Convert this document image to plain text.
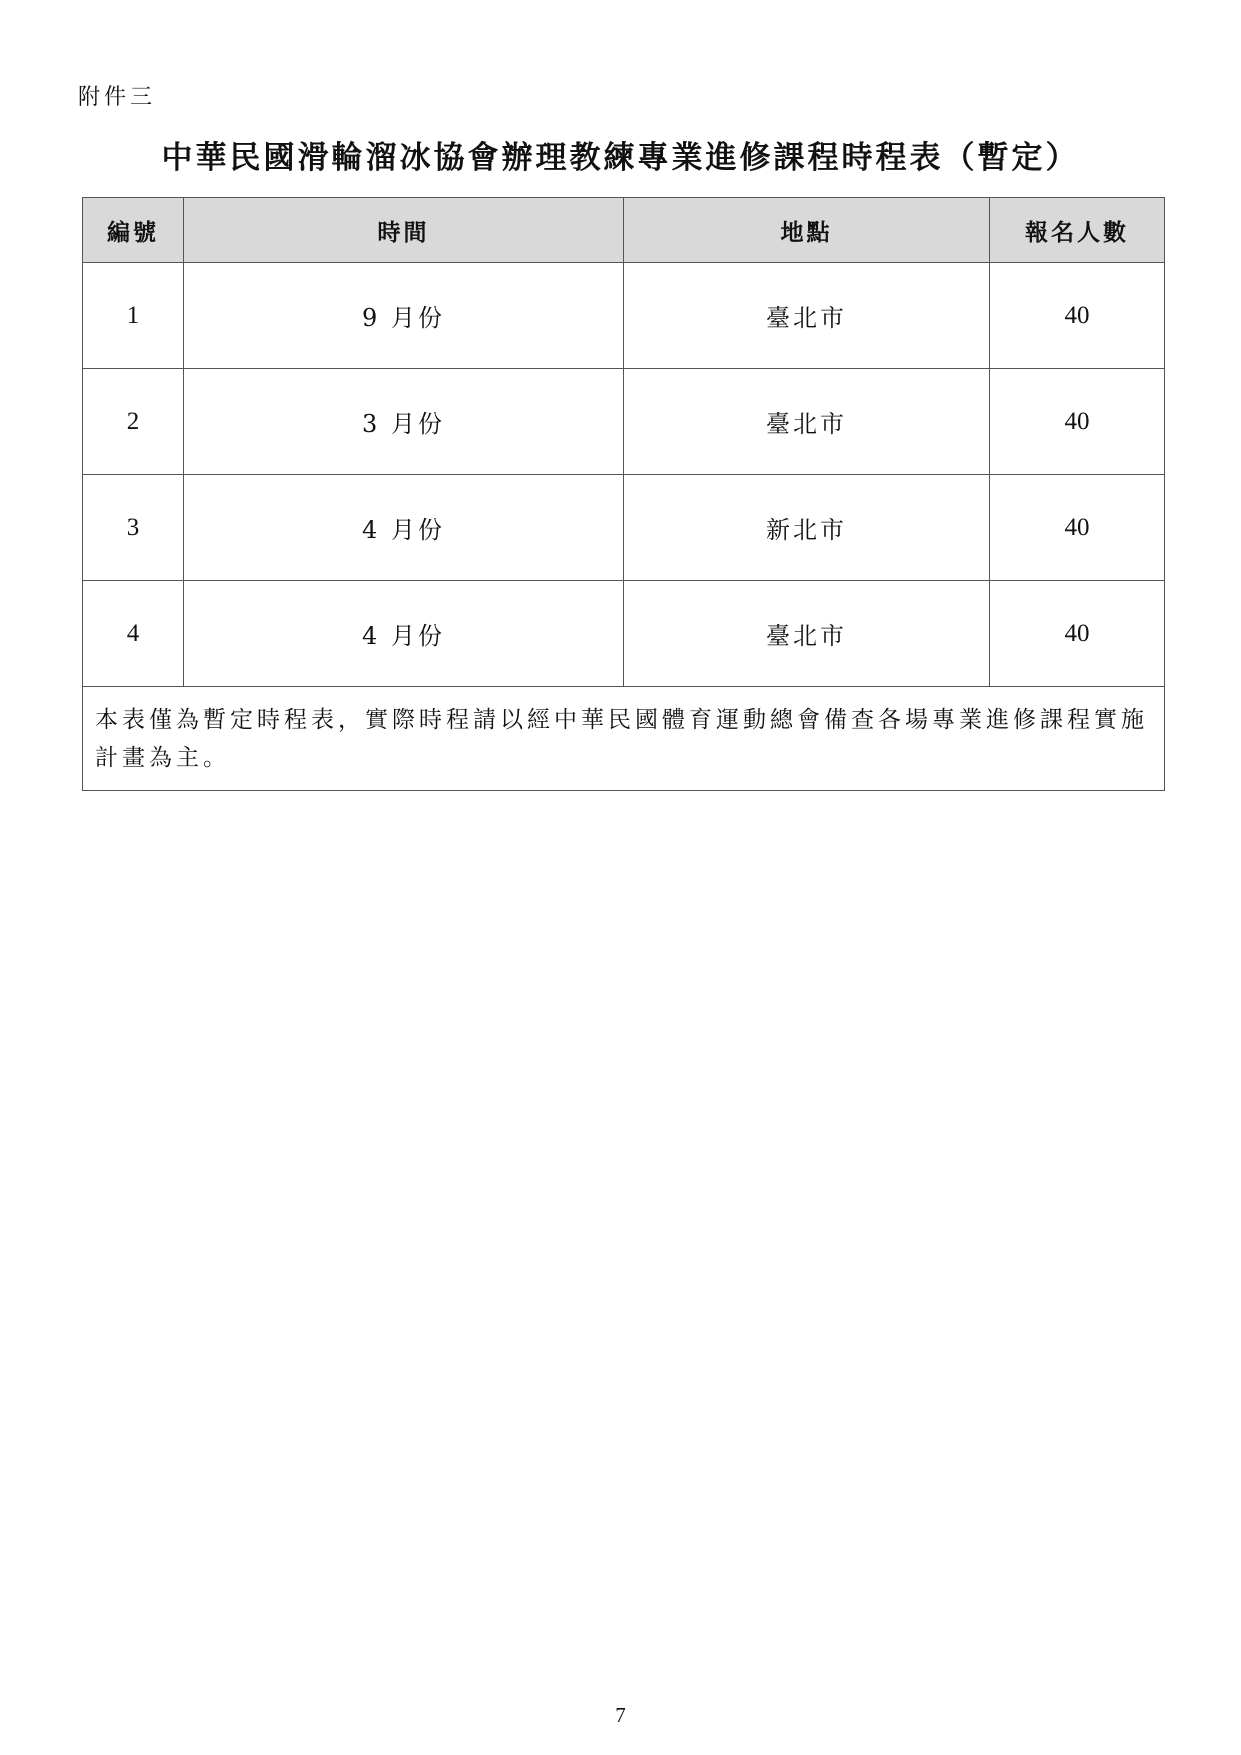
附件三
中華民國滑輪溜冰協會辦理教練專業進修課程時程表（暫定）
編號	時間	地點	報名人數
1	9 月份	臺北市	40
2	3 月份	臺北市	40
3	4 月份	新北市	40
4	4 月份	臺北市	40
本表僅為暫定時程表，實際時程請以經中華民國體育運動總會備查各場專業進修課程實施計畫為主。			
7
